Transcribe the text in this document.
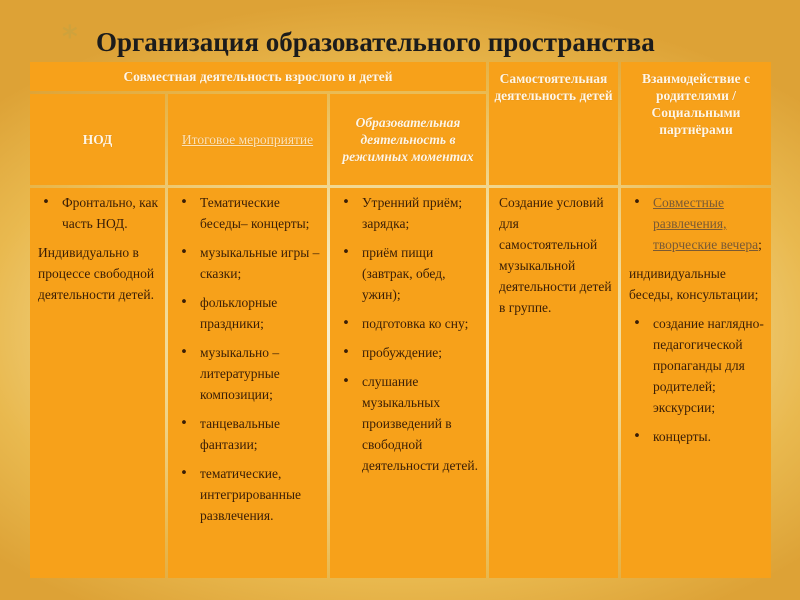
* Организация образовательного пространства
Совместная деятельность взрослого и детей	Самостоятельная деятельность детей
Взаимодействие с родителями / Социальными партнёрами
НОД	Итоговое мероприятие
Образовательная деятельность в режимных моментах
• Фронтально, как часть НОД.
Индивидуально в процессе свободной деятельности детей.
• Тематические беседы– концерты;
• музыкальные игры – сказки;
• фольклорные праздники;
• музыкально – литературные композиции;
• танцевальные фантазии;
• тематические, интегрированные развлечения.
• Утренний приём; зарядка;
• приём пищи (завтрак, обед, ужин);
• подготовка ко сну;
• пробуждение;
• слушание музыкальных произведений в свободной деятельности детей.
Создание условий для самостоятельной музыкальной деятельности детей в группе.
• Совместные развлечения, творческие вечера;
индивидуальные беседы, консультации;
• создание наглядно-педагогической пропаганды для родителей; экскурсии;
• концерты.
